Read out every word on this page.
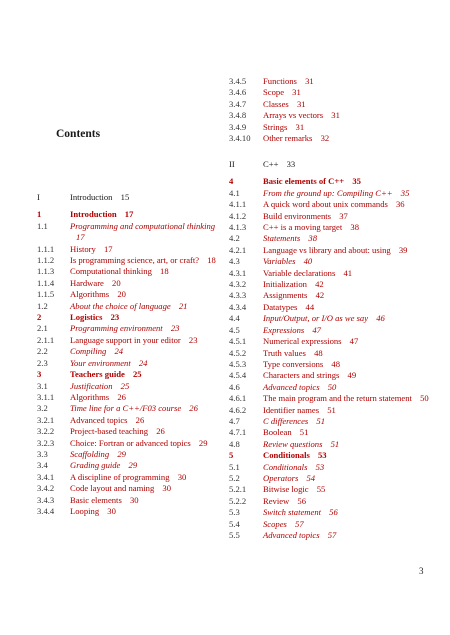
Contents
I	Introduction 15
1	Introduction 17
1.1	Programming and computational thinking 17
1.1.1	History 17
1.1.2	Is programming science, art, or craft? 18
1.1.3	Computational thinking 18
1.1.4	Hardware 20
1.1.5	Algorithms 20
1.2	About the choice of language 21
2	Logistics 23
2.1	Programming environment 23
2.1.1	Language support in your editor 23
2.2	Compiling 24
2.3	Your environment 24
3	Teachers guide 25
3.1	Justification 25
3.1.1	Algorithms 26
3.2	Time line for a C++/F03 course 26
3.2.1	Advanced topics 26
3.2.2	Project-based teaching 26
3.2.3	Choice: Fortran or advanced topics 29
3.3	Scaffolding 29
3.4	Grading guide 29
3.4.1	A discipline of programming 30
3.4.2	Code layout and naming 30
3.4.3	Basic elements 30
3.4.4	Looping 30
3.4.5	Functions 31
3.4.6	Scope 31
3.4.7	Classes 31
3.4.8	Arrays vs vectors 31
3.4.9	Strings 31
3.4.10	Other remarks 32
II	C++ 33
4	Basic elements of C++ 35
4.1	From the ground up: Compiling C++ 35
4.1.1	A quick word about unix commands 36
4.1.2	Build environments 37
4.1.3	C++ is a moving target 38
4.2	Statements 38
4.2.1	Language vs library and about: using 39
4.3	Variables 40
4.3.1	Variable declarations 41
4.3.2	Initialization 42
4.3.3	Assignments 42
4.3.4	Datatypes 44
4.4	Input/Output, or I/O as we say 46
4.5	Expressions 47
4.5.1	Numerical expressions 47
4.5.2	Truth values 48
4.5.3	Type conversions 48
4.5.4	Characters and strings 49
4.6	Advanced topics 50
4.6.1	The main program and the return statement 50
4.6.2	Identifier names 51
4.7	C differences 51
4.7.1	Boolean 51
4.8	Review questions 51
5	Conditionals 53
5.1	Conditionals 53
5.2	Operators 54
5.2.1	Bitwise logic 55
5.2.2	Review 56
5.3	Switch statement 56
5.4	Scopes 57
5.5	Advanced topics 57
3
